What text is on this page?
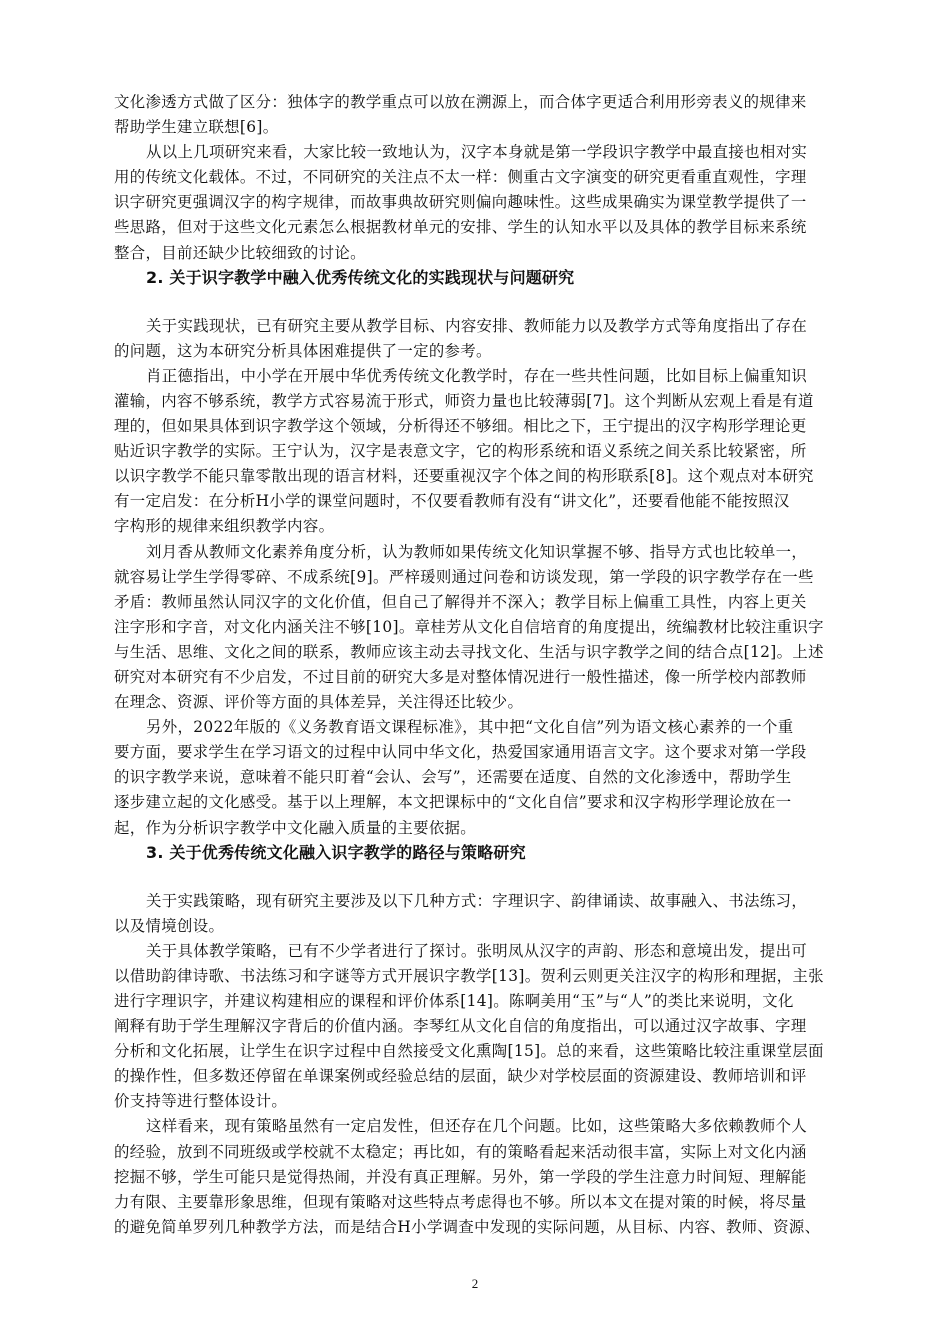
文化渗透方式做了区分：独体字的教学重点可以放在溯源上，而合体字更适合利用形旁表义的规律来
帮助学生建立联想[6]。
从以上几项研究来看，大家比较一致地认为，汉字本身就是第一学段识字教学中最直接也相对实
用的传统文化载体。不过，不同研究的关注点不太一样：侧重古文字演变的研究更看重直观性，字理
识字研究更强调汉字的构字规律，而故事典故研究则偏向趣味性。这些成果确实为课堂教学提供了一
些思路，但对于这些文化元素怎么根据教材单元的安排、学生的认知水平以及具体的教学目标来系统
整合，目前还缺少比较细致的讨论。
2. 关于识字教学中融入优秀传统文化的实践现状与问题研究
关于实践现状，已有研究主要从教学目标、内容安排、教师能力以及教学方式等角度指出了存在
的问题，这为本研究分析具体困难提供了一定的参考。
肖正德指出，中小学在开展中华优秀传统文化教学时，存在一些共性问题，比如目标上偏重知识
灌输，内容不够系统，教学方式容易流于形式，师资力量也比较薄弱[7]。这个判断从宏观上看是有道
理的，但如果具体到识字教学这个领域，分析得还不够细。相比之下，王宁提出的汉字构形学理论更
贴近识字教学的实际。王宁认为，汉字是表意文字，它的构形系统和语义系统之间关系比较紧密，所
以识字教学不能只靠零散出现的语言材料，还要重视汉字个体之间的构形联系[8]。这个观点对本研究
有一定启发：在分析H小学的课堂问题时，不仅要看教师有没有“讲文化”，还要看他能不能按照汉
字构形的规律来组织教学内容。
刘月香从教师文化素养角度分析，认为教师如果传统文化知识掌握不够、指导方式也比较单一，
就容易让学生学得零碎、不成系统[9]。严梓瑗则通过问卷和访谈发现，第一学段的识字教学存在一些
矛盾：教师虽然认同汉字的文化价值，但自己了解得并不深入；教学目标上偏重工具性，内容上更关
注字形和字音，对文化内涵关注不够[10]。章桂芳从文化自信培育的角度提出，统编教材比较注重识字
与生活、思维、文化之间的联系，教师应该主动去寻找文化、生活与识字教学之间的结合点[12]。上述
研究对本研究有不少启发，不过目前的研究大多是对整体情况进行一般性描述，像一所学校内部教师
在理念、资源、评价等方面的具体差异，关注得还比较少。
另外，2022年版的《义务教育语文课程标准》，其中把“文化自信”列为语文核心素养的一个重
要方面，要求学生在学习语文的过程中认同中华文化，热爱国家通用语言文字。这个要求对第一学段
的识字教学来说，意味着不能只盯着“会认、会写”，还需要在适度、自然的文化渗透中，帮助学生
逐步建立起的文化感受。基于以上理解，本文把课标中的“文化自信”要求和汉字构形学理论放在一
起，作为分析识字教学中文化融入质量的主要依据。
3. 关于优秀传统文化融入识字教学的路径与策略研究
关于实践策略，现有研究主要涉及以下几种方式：字理识字、韵律诵读、故事融入、书法练习，
以及情境创设。
关于具体教学策略，已有不少学者进行了探讨。张明凤从汉字的声韵、形态和意境出发，提出可
以借助韵律诗歌、书法练习和字谜等方式开展识字教学[13]。贺利云则更关注汉字的构形和理据，主张
进行字理识字，并建议构建相应的课程和评价体系[14]。陈啊美用“玉”与“人”的类比来说明，文化
阐释有助于学生理解汉字背后的价值内涵。李琴红从文化自信的角度指出，可以通过汉字故事、字理
分析和文化拓展，让学生在识字过程中自然接受文化熏陶[15]。总的来看，这些策略比较注重课堂层面
的操作性，但多数还停留在单课案例或经验总结的层面，缺少对学校层面的资源建设、教师培训和评
价支持等进行整体设计。
这样看来，现有策略虽然有一定启发性，但还存在几个问题。比如，这些策略大多依赖教师个人
的经验，放到不同班级或学校就不太稳定；再比如，有的策略看起来活动很丰富，实际上对文化内涵
挖掘不够，学生可能只是觉得热闹，并没有真正理解。另外，第一学段的学生注意力时间短、理解能
力有限、主要靠形象思维，但现有策略对这些特点考虑得也不够。所以本文在提对策的时候，将尽量
的避免简单罗列几种教学方法，而是结合H小学调查中发现的实际问题，从目标、内容、教师、资源、
2
